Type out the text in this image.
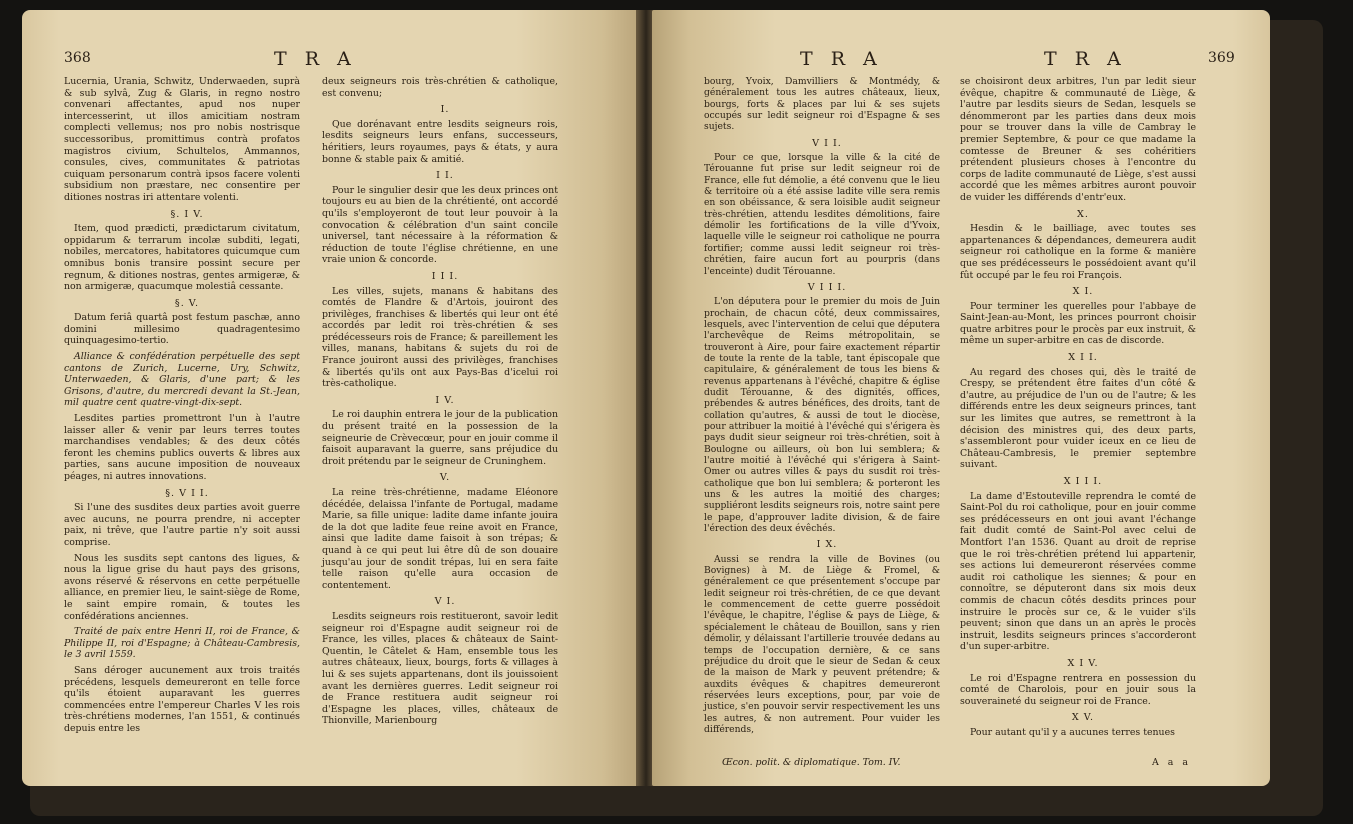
368	T R A

Lucernia, Urania, Schwitz, Underwaeden, suprà & sub sylvâ, Zug & Glaris, in regno nostro convenari affectantes, apud nos nuper intercesserint, ut illos amicitiam nostram complecti vellemus; nos pro nobis nostrisque successoribus, promittimus contrà profatos magistros civium, Schultelos, Ammannos, consules, cives, communitates & patriotas cuiquam personarum contrà ipsos facere volenti subsidium non præstare, nec consentire per ditiones nostras iri attentare volenti.

§. I V.

Item, quod prædicti, prædictarum civitatum, oppidarum & terrarum incolæ subditi, legati, nobiles, mercatores, habitatores quicumque cum omnibus bonis transire possint secure per regnum, & ditiones nostras, gentes armigeræ, & non armigeræ, quacumque molestiâ cessante.

§. V.

Datum feriâ quartâ post festum paschæ, anno domini millesimo quadragentesimo quinquagesimo-tertio.

Alliance & confédération perpétuelle des sept cantons de Zurich, Lucerne, Ury, Schwitz, Unterwaeden, & Glaris, d'une part; & les Grisons, d'autre, du mercredi devant la St.-Jean, mil quatre cent quatre-vingt-dix-sept.

Lesdites parties promettront l'un à l'autre laisser aller & venir par leurs terres toutes marchandises vendables; & des deux côtés feront les chemins publics ouverts & libres aux parties, sans aucune imposition de nouveaux péages, ni autres innovations.

§. V I I.

Si l'une des susdites deux parties avoit guerre avec aucuns, ne pourra prendre, ni accepter paix, ni trêve, que l'autre partie n'y soit aussi comprise.

Nous les susdits sept cantons des ligues, & nous la ligue grise du haut pays des grisons, avons réservé & réservons en cette perpétuelle alliance, en premier lieu, le saint-siège de Rome, le saint empire romain, & toutes les confédérations anciennes.

Traité de paix entre Henri II, roi de France, & Philippe II, roi d'Espagne; à Château-Cambresis, le 3 avril 1559.

Sans déroger aucunement aux trois traités précédens, lesquels demeureront en telle force qu'ils étoient auparavant les guerres commencées entre l'empereur Charles V les rois très-chrétiens modernes, l'an 1551, & continués depuis entre les

deux seigneurs rois très-chrétien & catholique, est convenu;

I.

Que dorénavant entre lesdits seigneurs rois, lesdits seigneurs leurs enfans, successeurs, héritiers, leurs royaumes, pays & états, y aura bonne & stable paix & amitié.

I I.

Pour le singulier desir que les deux princes ont toujours eu au bien de la chrétienté, ont accordé qu'ils s'employeront de tout leur pouvoir à la convocation & célébration d'un saint concile universel, tant nécessaire à la réformation & réduction de toute l'église chrétienne, en une vraie union & concorde.

I I I.

Les villes, sujets, manans & habitans des comtés de Flandre & d'Artois, jouiront des privilèges, franchises & libertés qui leur ont été accordés par ledit roi très-chrétien & ses prédécesseurs rois de France; & pareillement les villes, manans, habitans & sujets du roi de France jouiront aussi des privilèges, franchises & libertés qu'ils ont aux Pays-Bas d'icelui roi très-catholique.

I V.

Le roi dauphin entrera le jour de la publication du présent traité en la possession de la seigneurie de Crèvecœur, pour en jouir comme il faisoit auparavant la guerre, sans préjudice du droit prétendu par le seigneur de Cruninghem.

V.

La reine très-chrétienne, madame Eléonore décédée, delaissa l'infante de Portugal, madame Marie, sa fille unique: ladite dame infante jouira de la dot que ladite feue reine avoit en France, ainsi que ladite dame faisoit à son trépas; & quand à ce qui peut lui être dû de son douaire jusqu'au jour de sondit trépas, lui en sera faite telle raison qu'elle aura occasion de contentement.

V I.

Lesdits seigneurs rois restitueront, savoir ledit seigneur roi d'Espagne audit seigneur roi de France, les villes, places & châteaux de Saint-Quentin, le Câtelet & Ham, ensemble tous les autres châteaux, lieux, bourgs, forts & villages à lui & ses sujets appartenans, dont ils jouissoient avant les dernières guerres. Ledit seigneur roi de France restituera audit seigneur roi d'Espagne les places, villes, châteaux de Thionville, Marienbourg

T R A	T R A	369

bourg, Yvoix, Damvilliers & Montmédy, & généralement tous les autres châteaux, lieux, bourgs, forts & places par lui & ses sujets occupés sur ledit seigneur roi d'Espagne & ses sujets.

V I I.

Pour ce que, lorsque la ville & la cité de Térouanne fut prise sur ledit seigneur roi de France, elle fut démolie, a été convenu que le lieu & territoire où a été assise ladite ville sera remis en son obéissance, & sera loisible audit seigneur très-chrétien, attendu lesdites démolitions, faire démolir les fortifications de la ville d'Yvoix, laquelle ville le seigneur roi catholique ne pourra fortifier; comme aussi ledit seigneur roi très-chrétien, faire aucun fort au pourpris (dans l'enceinte) dudit Térouanne.

V I I I.

L'on députera pour le premier du mois de Juin prochain, de chacun côté, deux commissaires, lesquels, avec l'intervention de celui que députera l'archevêque de Reims métropolitain, se trouveront à Aire, pour faire exactement répartir de toute la rente de la table, tant épiscopale que capitulaire, & généralement de tous les biens & revenus appartenans à l'évêché, chapitre & église dudit Térouanne, & des dignités, offices, prébendes & autres bénéfices, des droits, tant de collation qu'autres, & aussi de tout le diocèse, pour attribuer la moitié à l'évêché qui s'érigera ès pays dudit sieur seigneur roi très-chrétien, soit à Boulogne ou ailleurs, où bon lui semblera; & l'autre moitié à l'évêché qui s'érigera à Saint-Omer ou autres villes & pays du susdit roi très-catholique que bon lui semblera; & porteront les uns & les autres la moitié des charges; suppliéront lesdits seigneurs rois, notre saint pere le pape, d'approuver ladite division, & de faire l'érection des deux évêchés.

I X.

Aussi se rendra la ville de Bovines (ou Bovignes) à M. de Liège & Fromel, & généralement ce que présentement s'occupe par ledit seigneur roi très-chrétien, de ce que devant le commencement de cette guerre possédoit l'évêque, le chapitre, l'église & pays de Liège, & spécialement le château de Bouillon, sans y rien démolir, y délaissant l'artillerie trouvée dedans au temps de l'occupation dernière, & ce sans préjudice du droit que le sieur de Sedan & ceux de la maison de Mark y peuvent prétendre; & auxdits évêques & chapitres demeureront réservées leurs exceptions, pour, par voie de justice, s'en pouvoir servir respectivement les uns les autres, & non autrement. Pour vuider les différends,

se choisiront deux arbitres, l'un par ledit sieur évêque, chapitre & communauté de Liège, & l'autre par lesdits sieurs de Sedan, lesquels se dénommeront par les parties dans deux mois pour se trouver dans la ville de Cambray le premier Septembre, & pour ce que madame la comtesse de Breuner & ses cohéritiers prétendent plusieurs choses à l'encontre du corps de ladite communauté de Liège, s'est aussi accordé que les mêmes arbitres auront pouvoir de vuider les différends d'entr'eux.

X.

Hesdin & le bailliage, avec toutes ses appartenances & dépendances, demeurera audit seigneur roi catholique en la forme & manière que ses prédécesseurs le possédoient avant qu'il fût occupé par le feu roi François.

X I.

Pour terminer les querelles pour l'abbaye de Saint-Jean-au-Mont, les princes pourront choisir quatre arbitres pour le procès par eux instruit, & même un super-arbitre en cas de discorde.

X I I.

Au regard des choses qui, dès le traité de Crespy, se prétendent être faites d'un côté & d'autre, au préjudice de l'un ou de l'autre; & les différends entre les deux seigneurs princes, tant sur les limites que autres, se remettront à la décision des ministres qui, des deux parts, s'assembleront pour vuider iceux en ce lieu de Château-Cambresis, le premier septembre suivant.

X I I I.

La dame d'Estouteville reprendra le comté de Saint-Pol du roi catholique, pour en jouir comme ses prédécesseurs en ont joui avant l'échange fait dudit comté de Saint-Pol avec celui de Montfort l'an 1536. Quant au droit de reprise que le roi très-chrétien prétend lui appartenir, ses actions lui demeureront réservées comme audit roi catholique les siennes; & pour en connoître, se députeront dans six mois deux commis de chacun côtés desdits princes pour instruire le procès sur ce, & le vuider s'ils peuvent; sinon que dans un an après le procès instruit, lesdits seigneurs princes s'accorderont d'un super-arbitre.

X I V.

Le roi d'Espagne rentrera en possession du comté de Charolois, pour en jouir sous la souveraineté du seigneur roi de France.

X V.

Pour autant qu'il y a aucunes terres tenues

Œcon. polit. & diplomatique. Tom. IV.	A a a
